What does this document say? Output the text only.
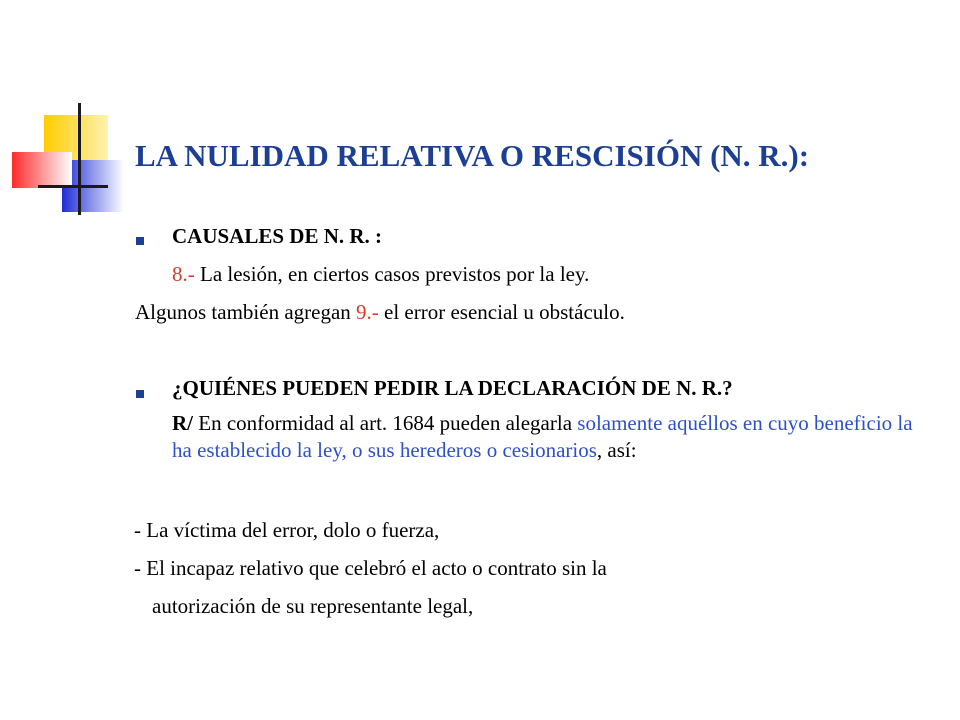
LA NULIDAD RELATIVA O RESCISIÓN (N. R.):
CAUSALES DE N. R. :
8.- La lesión, en ciertos casos previstos por la ley.
Algunos también agregan 9.- el error esencial u obstáculo.
¿QUIÉNES PUEDEN PEDIR LA DECLARACIÓN DE N. R.?

R/ En conformidad al art. 1684 pueden alegarla solamente aquéllos en cuyo beneficio la ha establecido la ley, o sus herederos o cesionarios, así:

- La víctima del error, dolo o fuerza,
- El incapaz relativo que celebró el acto o contrato sin la
autorización de su representante legal,
